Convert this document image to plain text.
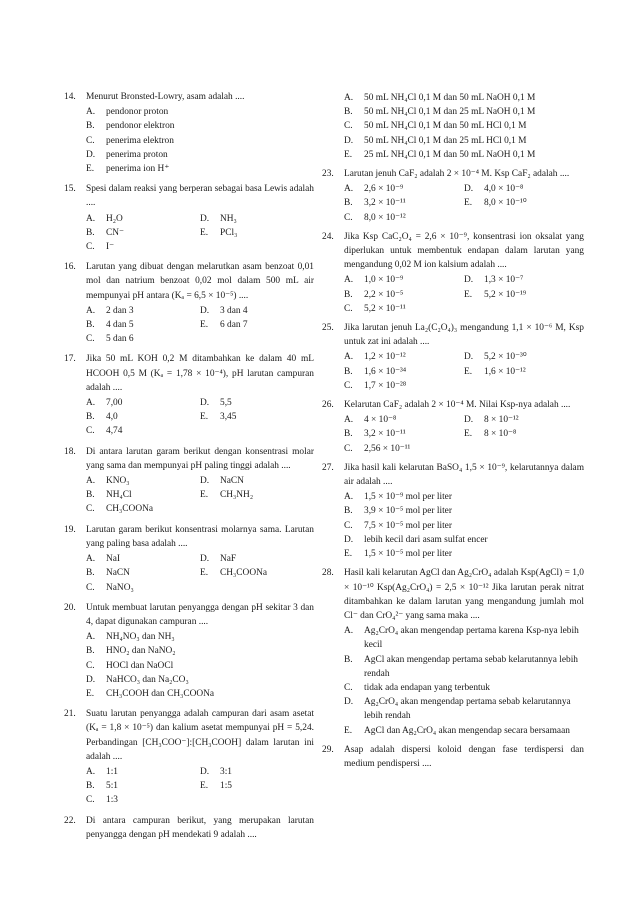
14. Menurut Bronsted-Lowry, asam adalah ....
A.	pendonor proton
B.	pendonor elektron
C.	penerima elektron
D.	penerima proton
E.	penerima ion H⁺
15. Spesi dalam reaksi yang berperan sebagai basa Lewis adalah ....
A.	H₂O	D.	NH₃
B.	CN⁻	E.	PCl₃
C.	I⁻
16. Larutan yang dibuat dengan melarutkan asam benzoat 0,01 mol dan natrium benzoat 0,02 mol dalam 500 mL air mempunyai pH antara (Kₐ = 6,5 × 10⁻⁵) ....
A.	2 dan 3	D.	3 dan 4
B.	4 dan 5	E.	6 dan 7
C.	5 dan 6
17. Jika 50 mL KOH 0,2 M ditambahkan ke dalam 40 mL HCOOH 0,5 M (Kₐ = 1,78 × 10⁻⁴), pH larutan campuran adalah ....
A.	7,00	D.	5,5
B.	4,0	E.	3,45
C.	4,74
18. Di antara larutan garam berikut dengan konsentrasi molar yang sama dan mempunyai pH paling tinggi adalah ....
A.	KNO₃	D.	NaCN
B.	NH₄Cl	E.	CH₃NH₂
C.	CH₃COONa
19. Larutan garam berikut konsentrasi molarnya sama. Larutan yang paling basa adalah ....
A.	NaI	D.	NaF
B.	NaCN	E.	CH₃COONa
C.	NaNO₃
20. Untuk membuat larutan penyangga dengan pH sekitar 3 dan 4, dapat digunakan campuran ....
A.	NH₄NO₃ dan NH₃
B.	HNO₂ dan NaNO₂
C.	HOCl dan NaOCl
D.	NaHCO₃ dan Na₂CO₃
E.	CH₃COOH dan CH₃COONa
21. Suatu larutan penyangga adalah campuran dari asam asetat (Kₐ = 1,8 × 10⁻⁵) dan kalium asetat mempunyai pH = 5,24. Perbandingan [CH₃COO⁻]:[CH₃COOH] dalam larutan ini adalah ....
A.	1:1	D.	3:1
B.	5:1	E.	1:5
C.	1:3
22. Di antara campuran berikut, yang merupakan larutan penyangga dengan pH mendekati 9 adalah ....
A.	50 mL NH₄Cl 0,1 M dan 50 mL NaOH 0,1 M
B.	50 mL NH₄Cl 0,1 M dan 25 mL NaOH 0,1 M
C.	50 mL NH₄Cl 0,1 M dan 50 mL HCl 0,1 M
D.	50 mL NH₄Cl 0,1 M dan 25 mL HCl 0,1 M
E.	25 mL NH₄Cl 0,1 M dan 50 mL NaOH 0,1 M
23. Larutan jenuh CaF₂ adalah 2 × 10⁻⁴ M. Ksp CaF₂ adalah ....
A.	2,6 × 10⁻⁹	D.	4,0 × 10⁻⁸
B.	3,2 × 10⁻¹¹	E.	8,0 × 10⁻¹⁰
C.	8,0 × 10⁻¹²
24. Jika Ksp CaC₂O₄ = 2,6 × 10⁻⁹, konsentrasi ion oksalat yang diperlukan untuk membentuk endapan dalam larutan yang mengandung 0,02 M ion kalsium adalah ....
A.	1,0 × 10⁻⁹	D.	1,3 × 10⁻⁷
B.	2,2 × 10⁻⁵	E.	5,2 × 10⁻¹⁹
C.	5,2 × 10⁻¹¹
25. Jika larutan jenuh La₂(C₂O₄)₃ mengandung 1,1 × 10⁻⁶ M, Ksp untuk zat ini adalah ....
A.	1,2 × 10⁻¹²	D.	5,2 × 10⁻³⁰
B.	1,6 × 10⁻³⁴	E.	1,6 × 10⁻¹²
C.	1,7 × 10⁻²⁸
26. Kelarutan CaF₂ adalah 2 × 10⁻⁴ M. Nilai Ksp-nya adalah ....
A.	4 × 10⁻⁸	D.	8 × 10⁻¹²
B.	3,2 × 10⁻¹¹	E.	8 × 10⁻⁸
C.	2,56 × 10⁻¹¹
27. Jika hasil kali kelarutan BaSO₄ 1,5 × 10⁻⁹, kelarutannya dalam air adalah ....
A.	1,5 × 10⁻⁹ mol per liter
B.	3,9 × 10⁻⁵ mol per liter
C.	7,5 × 10⁻⁵ mol per liter
D.	lebih kecil dari asam sulfat encer
E.	1,5 × 10⁻⁵ mol per liter
28. Hasil kali kelarutan AgCl dan Ag₂CrO₄ adalah Ksp(AgCl) = 1,0 × 10⁻¹⁰ Ksp(Ag₂CrO₄) = 2,5 × 10⁻¹² Jika larutan perak nitrat ditambahkan ke dalam larutan yang mengandung jumlah mol Cl⁻ dan CrO₄²⁻ yang sama maka ....
A.	Ag₂CrO₄ akan mengendap pertama karena Ksp-nya lebih kecil
B.	AgCl akan mengendap pertama sebab kelarutannya lebih rendah
C.	tidak ada endapan yang terbentuk
D.	Ag₂CrO₄ akan mengendap pertama sebab kelarutannya lebih rendah
E.	AgCl dan Ag₂CrO₄ akan mengendap secara bersamaan
29. Asap adalah dispersi koloid dengan fase terdispersi dan medium pendispersi ....
